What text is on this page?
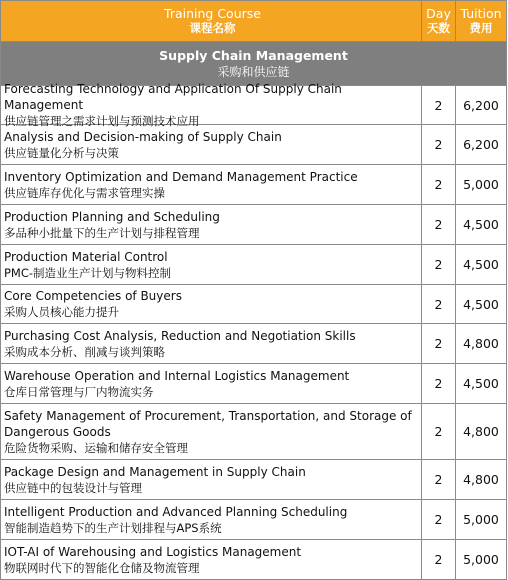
Training Course
课程名称
Day
天数
Tuition
费用
Supply Chain Management
采购和供应链
Forecasting Technology and Application Of Supply Chain Management
供应链管理之需求计划与预测技术应用
2 6,200
Analysis and Decision-making of Supply Chain
供应链量化分析与决策
2 6,200
Inventory Optimization and Demand Management Practice
供应链库存优化与需求管理实操
2 5,000
Production Planning and Scheduling
多品种小批量下的生产计划与排程管理
2 4,500
Production Material Control
PMC-制造业生产计划与物料控制
2 4,500
Core Competencies of Buyers
采购人员核心能力提升
2 4,500
Purchasing Cost Analysis, Reduction and Negotiation Skills
采购成本分析、削减与谈判策略
2 4,800
Warehouse Operation and Internal Logistics Management
仓库日常管理与厂内物流实务
2 4,500
Safety Management of Procurement, Transportation, and Storage of Dangerous Goods
危险货物采购、运输和储存安全管理
2 4,800
Package Design and Management in Supply Chain
供应链中的包装设计与管理
2 4,800
Intelligent Production and Advanced Planning Scheduling
智能制造趋势下的生产计划排程与APS系统
2 5,000
IOT-AI of Warehousing and Logistics Management
物联网时代下的智能化仓储及物流管理
2 5,000
